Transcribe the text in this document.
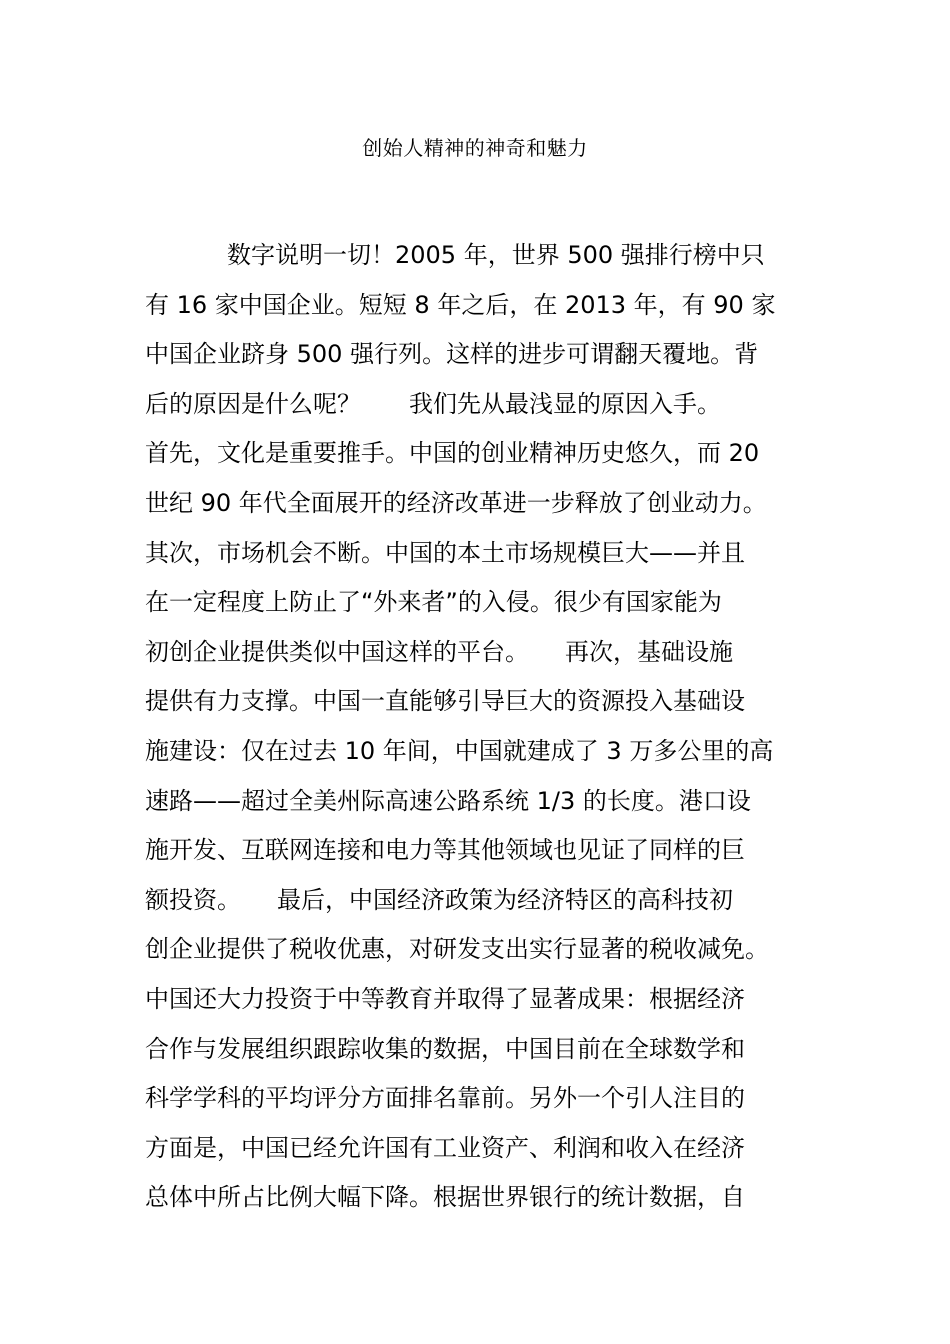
创始人精神的神奇和魅力
数字说明一切！2005 年，世界 500 强排行榜中只
有 16 家中国企业。短短 8 年之后，在 2013 年，有 90 家
中国企业跻身 500 强行列。这样的进步可谓翻天覆地。背
后的原因是什么呢？　　我们先从最浅显的原因入手。
首先，文化是重要推手。中国的创业精神历史悠久，而 20
世纪 90 年代全面展开的经济改革进一步释放了创业动力。
其次，市场机会不断。中国的本土市场规模巨大——并且
在一定程度上防止了“外来者”的入侵。很少有国家能为
初创企业提供类似中国这样的平台。　　再次，基础设施
提供有力支撑。中国一直能够引导巨大的资源投入基础设
施建设：仅在过去 10 年间，中国就建成了 3 万多公里的高
速路——超过全美州际高速公路系统 1/3 的长度。港口设
施开发、互联网连接和电力等其他领域也见证了同样的巨
额投资。　　最后，中国经济政策为经济特区的高科技初
创企业提供了税收优惠，对研发支出实行显著的税收减免。
中国还大力投资于中等教育并取得了显著成果：根据经济
合作与发展组织跟踪收集的数据，中国目前在全球数学和
科学学科的平均评分方面排名靠前。另外一个引人注目的
方面是，中国已经允许国有工业资产、利润和收入在经济
总体中所占比例大幅下降。根据世界银行的统计数据，自
